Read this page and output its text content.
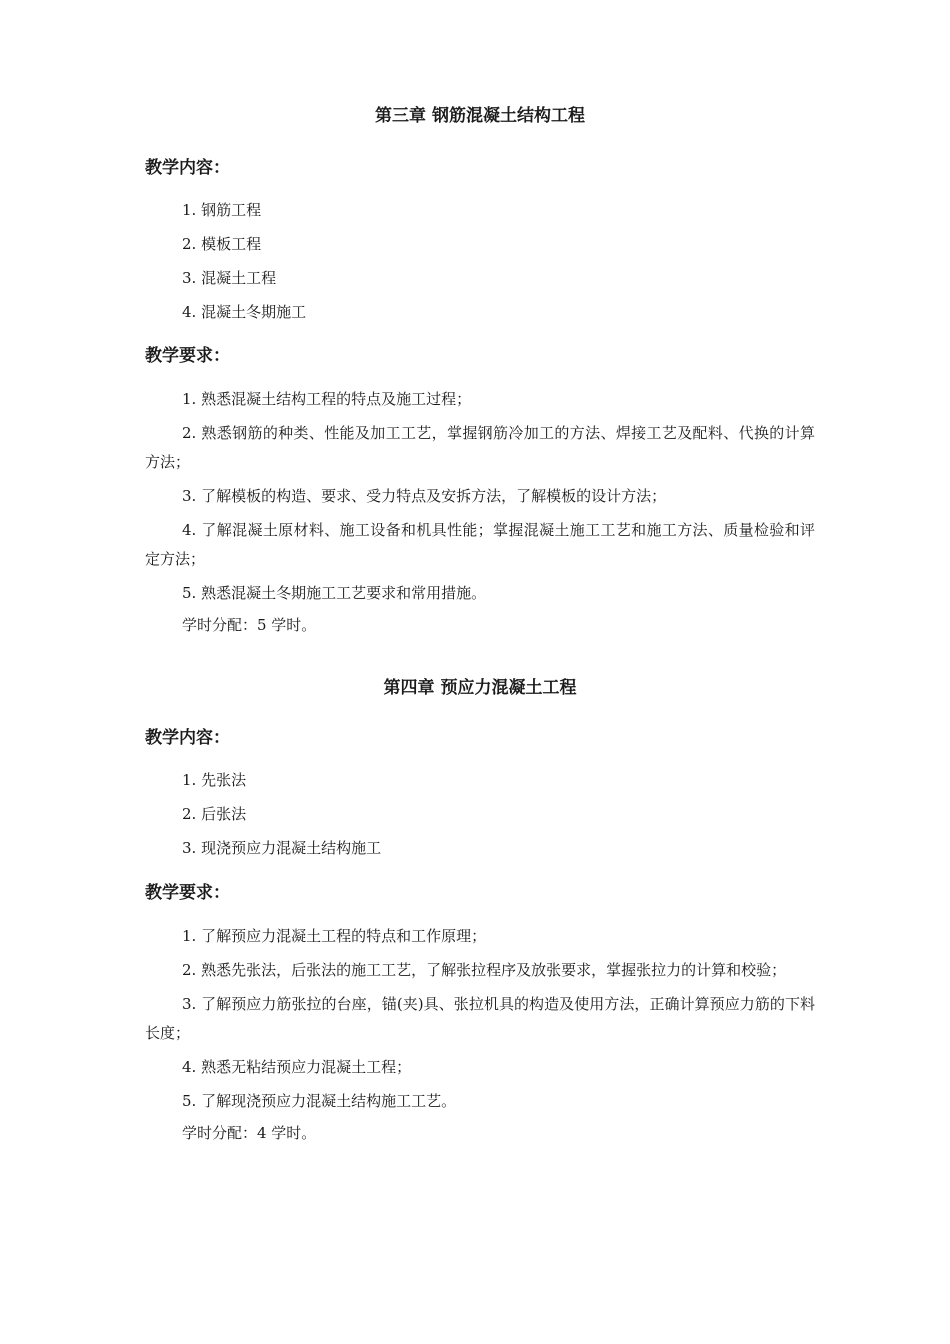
第三章 钢筋混凝土结构工程
教学内容：
1. 钢筋工程
2. 模板工程
3. 混凝土工程
4. 混凝土冬期施工
教学要求：
1. 熟悉混凝土结构工程的特点及施工过程；
2. 熟悉钢筋的种类、性能及加工工艺，掌握钢筋冷加工的方法、焊接工艺及配料、代换的计算方法；
3. 了解模板的构造、要求、受力特点及安拆方法，了解模板的设计方法；
4. 了解混凝土原材料、施工设备和机具性能；掌握混凝土施工工艺和施工方法、质量检验和评定方法；
5. 熟悉混凝土冬期施工工艺要求和常用措施。

学时分配：5 学时。

第四章 预应力混凝土工程
教学内容：
1. 先张法
2. 后张法
3. 现浇预应力混凝土结构施工
教学要求：
1. 了解预应力混凝土工程的特点和工作原理；
2. 熟悉先张法，后张法的施工工艺，了解张拉程序及放张要求，掌握张拉力的计算和校验；
3. 了解预应力筋张拉的台座，锚(夹)具、张拉机具的构造及使用方法，正确计算预应力筋的下料长度；
4. 熟悉无粘结预应力混凝土工程；
5. 了解现浇预应力混凝土结构施工工艺。

学时分配：4 学时。
